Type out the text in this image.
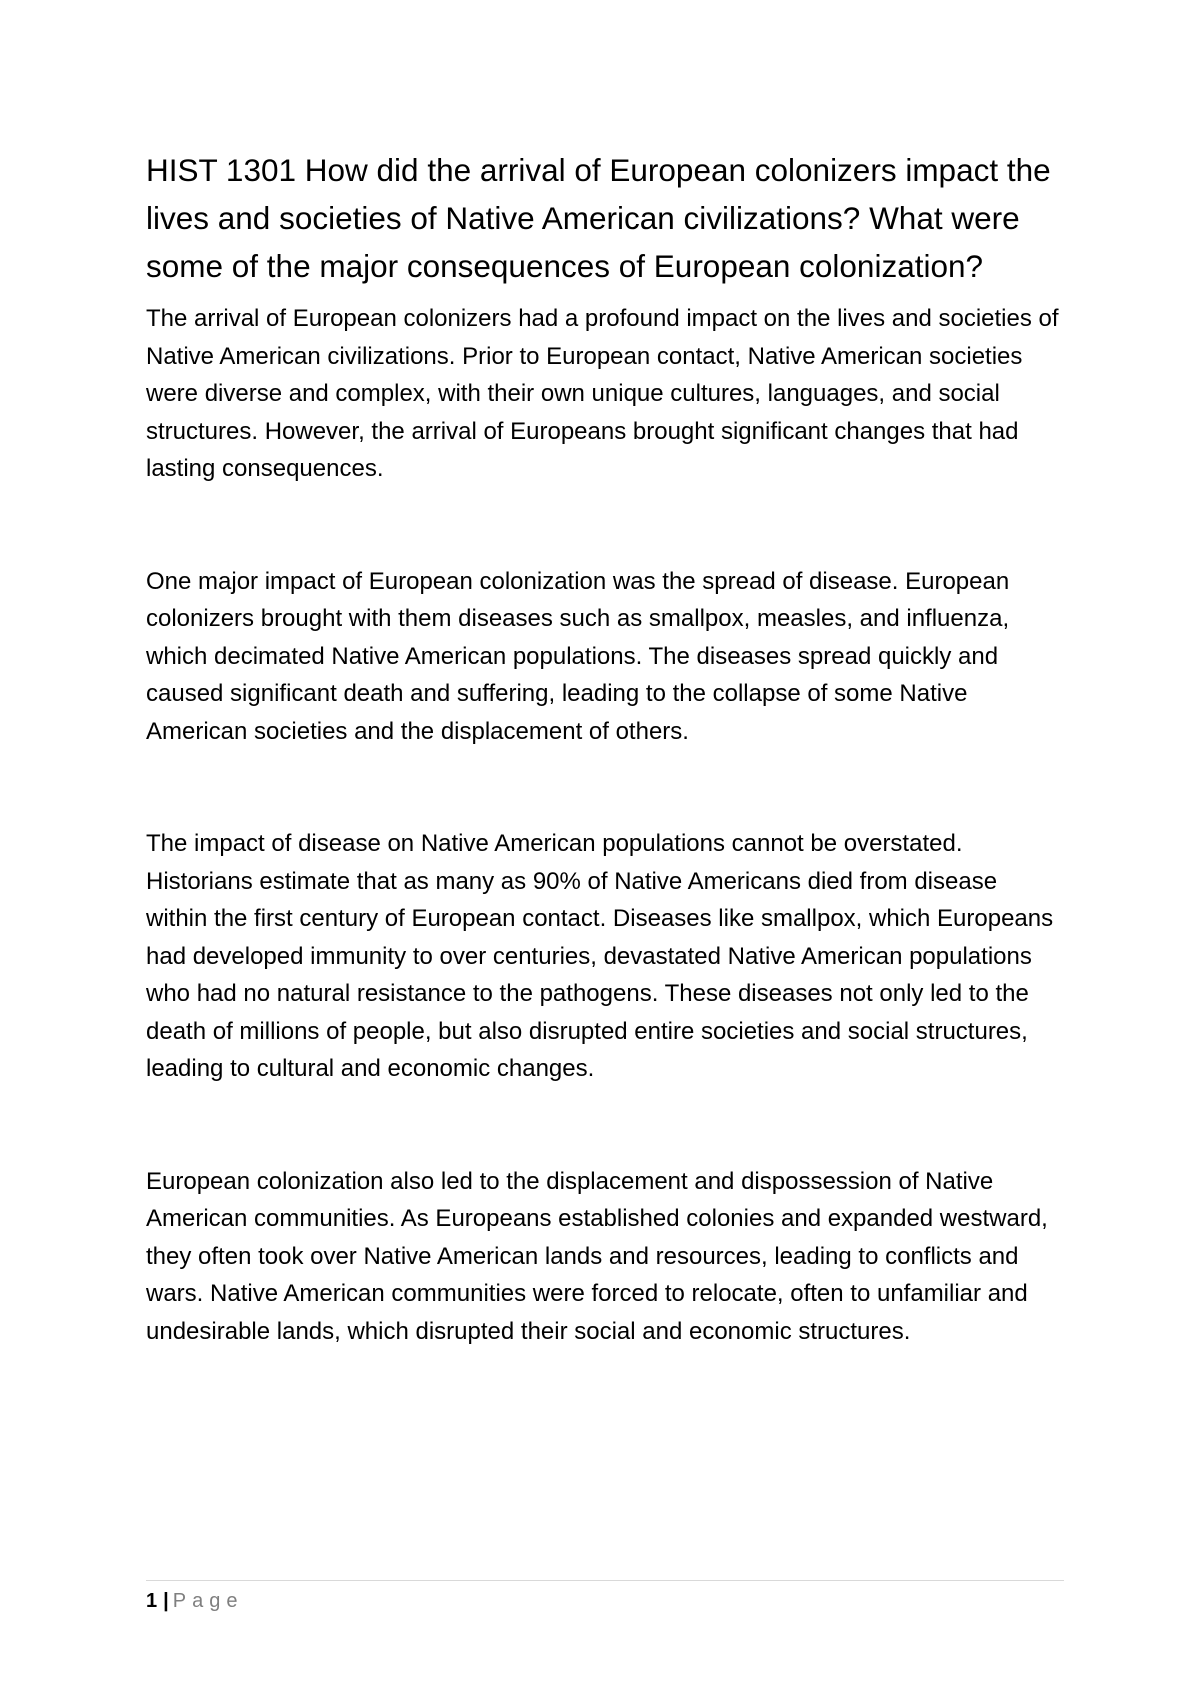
HIST 1301 How did the arrival of European colonizers impact the lives and societies of Native American civilizations? What were some of the major consequences of European colonization?

The arrival of European colonizers had a profound impact on the lives and societies of Native American civilizations. Prior to European contact, Native American societies were diverse and complex, with their own unique cultures, languages, and social structures. However, the arrival of Europeans brought significant changes that had lasting consequences.

One major impact of European colonization was the spread of disease. European colonizers brought with them diseases such as smallpox, measles, and influenza, which decimated Native American populations. The diseases spread quickly and caused significant death and suffering, leading to the collapse of some Native American societies and the displacement of others.

The impact of disease on Native American populations cannot be overstated. Historians estimate that as many as 90% of Native Americans died from disease within the first century of European contact. Diseases like smallpox, which Europeans had developed immunity to over centuries, devastated Native American populations who had no natural resistance to the pathogens. These diseases not only led to the death of millions of people, but also disrupted entire societies and social structures, leading to cultural and economic changes.

European colonization also led to the displacement and dispossession of Native American communities. As Europeans established colonies and expanded westward, they often took over Native American lands and resources, leading to conflicts and wars. Native American communities were forced to relocate, often to unfamiliar and undesirable lands, which disrupted their social and economic structures.

1 | Page
